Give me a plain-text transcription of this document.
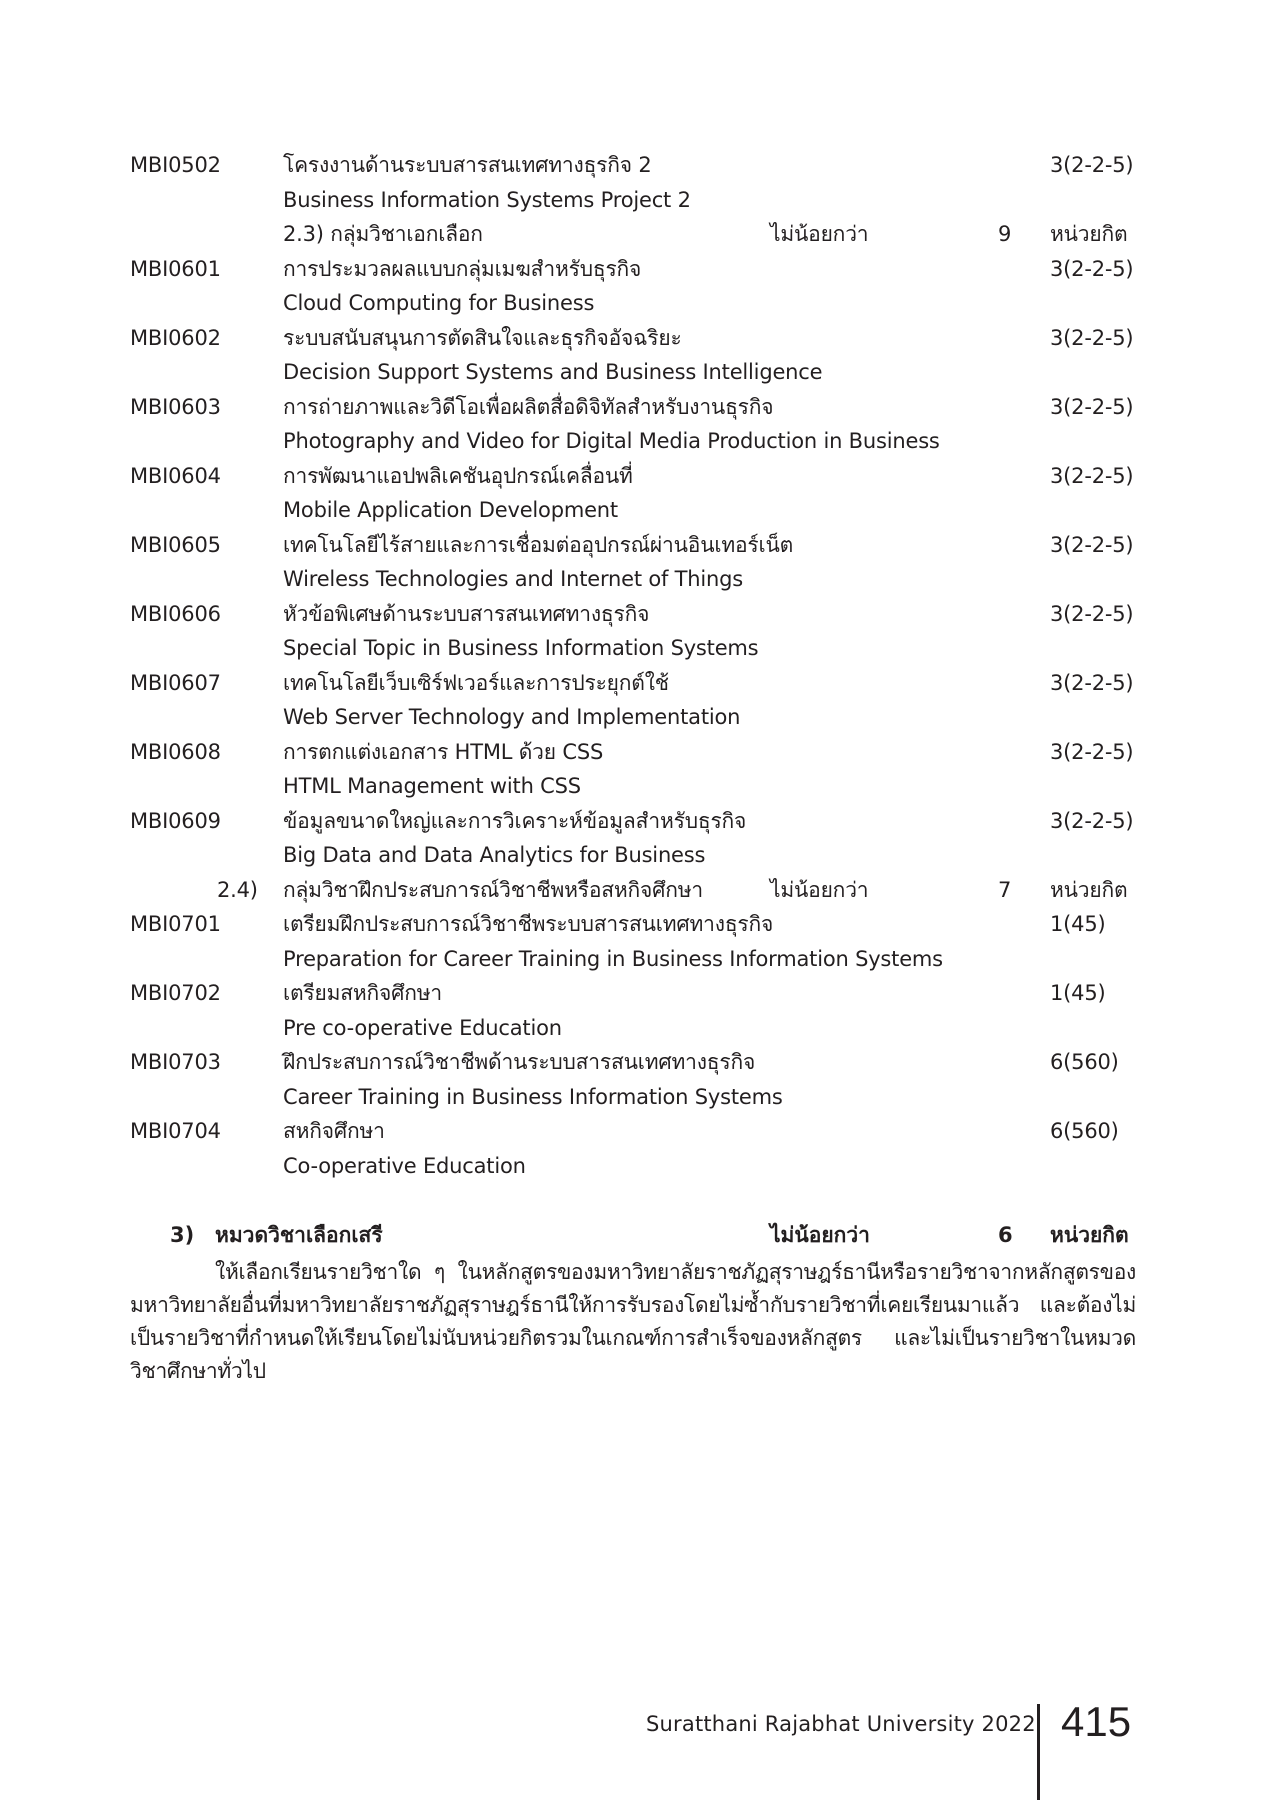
MBI0502	โครงงานด้านระบบสารสนเทศทางธุรกิจ 2	3(2-2-5)
Business Information Systems Project 2
2.3) กลุ่มวิชาเอกเลือก	ไม่น้อยกว่า	9 หน่วยกิต
MBI0601	การประมวลผลแบบกลุ่มเมฆสำหรับธุรกิจ	3(2-2-5)
Cloud Computing for Business
MBI0602	ระบบสนับสนุนการตัดสินใจและธุรกิจอัจฉริยะ	3(2-2-5)
Decision Support Systems and Business Intelligence
MBI0603	การถ่ายภาพและวิดีโอเพื่อผลิตสื่อดิจิทัลสำหรับงานธุรกิจ	3(2-2-5)
Photography and Video for Digital Media Production in Business
MBI0604	การพัฒนาแอปพลิเคชันอุปกรณ์เคลื่อนที่	3(2-2-5)
Mobile Application Development
MBI0605	เทคโนโลยีไร้สายและการเชื่อมต่ออุปกรณ์ผ่านอินเทอร์เน็ต	3(2-2-5)
Wireless Technologies and Internet of Things
MBI0606	หัวข้อพิเศษด้านระบบสารสนเทศทางธุรกิจ	3(2-2-5)
Special Topic in Business Information Systems
MBI0607	เทคโนโลยีเว็บเซิร์ฟเวอร์และการประยุกต์ใช้	3(2-2-5)
Web Server Technology and Implementation
MBI0608	การตกแต่งเอกสาร HTML ด้วย CSS	3(2-2-5)
HTML Management with CSS
MBI0609	ข้อมูลขนาดใหญ่และการวิเคราะห์ข้อมูลสำหรับธุรกิจ	3(2-2-5)
Big Data and Data Analytics for Business
2.4) กลุ่มวิชาฝึกประสบการณ์วิชาชีพหรือสหกิจศึกษา	ไม่น้อยกว่า	7 หน่วยกิต
MBI0701	เตรียมฝึกประสบการณ์วิชาชีพระบบสารสนเทศทางธุรกิจ	1(45)
Preparation for Career Training in Business Information Systems
MBI0702	เตรียมสหกิจศึกษา	1(45)
Pre co-operative Education
MBI0703	ฝึกประสบการณ์วิชาชีพด้านระบบสารสนเทศทางธุรกิจ	6(560)
Career Training in Business Information Systems
MBI0704	สหกิจศึกษา	6(560)
Co-operative Education
3) หมวดวิชาเลือกเสรี	ไม่น้อยกว่า	6 หน่วยกิต

ให้เลือกเรียนรายวิชาใด ๆ ในหลักสูตรของมหาวิทยาลัยราชภัฏสุราษฎร์ธานีหรือรายวิชาจากหลักสูตรของมหาวิทยาลัยอื่นที่มหาวิทยาลัยราชภัฏสุราษฎร์ธานีให้การรับรองโดยไม่ซ้ำกับรายวิชาที่เคยเรียนมาแล้ว และต้องไม่เป็นรายวิชาที่กำหนดให้เรียนโดยไม่นับหน่วยกิตรวมในเกณฑ์การสำเร็จของหลักสูตร และไม่เป็นรายวิชาในหมวดวิชาศึกษาทั่วไป

Suratthani Rajabhat University 2022 415
